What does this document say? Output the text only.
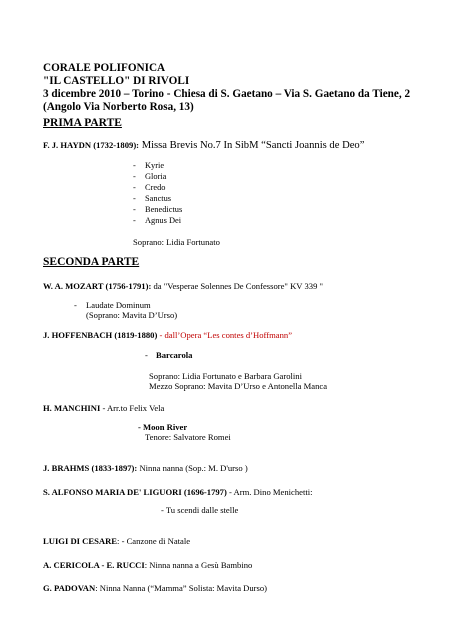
CORALE POLIFONICA
"IL CASTELLO" DI RIVOLI
3 dicembre 2010 – Torino - Chiesa di S. Gaetano – Via S. Gaetano da Tiene, 2
(Angolo Via Norberto Rosa, 13)
PRIMA PARTE
F. J. HAYDN (1732-1809): Missa Brevis No.7 In SibM “Sancti Joannis de Deo”
- Kyrie
- Gloria
- Credo
- Sanctus
- Benedictus
- Agnus Dei
Soprano: Lidia Fortunato
SECONDA PARTE
W. A. MOZART (1756-1791): da "Vesperae Solennes De Confessore" KV 339 "
- Laudate Dominum
(Soprano: Mavita D’Urso)
J. HOFFENBACH (1819-1880) - dall’Opera “Les contes d’Hoffmann”
- Barcarola
Soprano: Lidia Fortunato e Barbara Garolini
Mezzo Soprano: Mavita D’Urso e Antonella Manca
H. MANCHINI - Arr.to Felix Vela
- Moon River
Tenore: Salvatore Romei
J. BRAHMS (1833-1897): Ninna nanna (Sop.: M. D'urso )
S. ALFONSO MARIA DE' LIGUORI (1696-1797) - Arm. Dino Menichetti:
- Tu scendi dalle stelle
LUIGI DI CESARE: - Canzone di Natale
A. CERICOLA - E. RUCCI: Ninna nanna a Gesù Bambino
G. PADOVAN: Ninna Nanna (“Mamma” Solista: Mavita Durso)
